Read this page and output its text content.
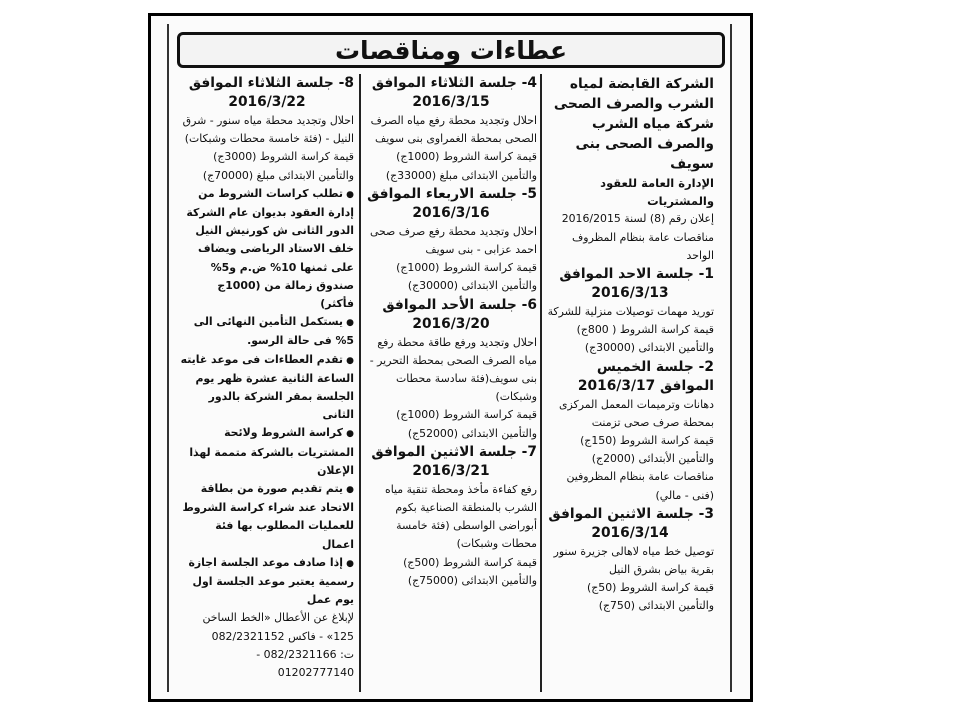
عطاءات ومناقصات

الشركة القابضة لمياه الشرب والصرف الصحى

شركة مياه الشرب والصرف الصحى بنى سويف

الإدارة العامة للعقود والمشتريات

إعلان رقم (8) لسنة 2016/2015 مناقصات عامة بنظام المظروف الواحد

1- جلسة الاحد الموافق

2016/3/13

توريد مهمات توصيلات منزلية للشركة

قيمة كراسة الشروط ( 800ج)

والتأمين الابتدائى (30000ج)

2- جلسة الخميس الموافق 2016/3/17

دهانات وترميمات المعمل المركزى بمحطة صرف صحى تزمنت

قيمة كراسة الشروط (150ج)

والتأمين الأبتدائى (2000ج)

مناقصات عامة بنظام المظروفين (فنى - مالي)

3- جلسة الاثنين الموافق

2016/3/14

توصيل خط مياه لاهالى جزيرة سنور بقرية بياض بشرق النيل

قيمة كراسة الشروط (50ج)

والتأمين الابتدائى (750ج)

4- جلسة الثلاثاء الموافق

2016/3/15

احلال وتجديد محطة رفع مياه الصرف الصحى بمحطة الغمراوى بنى سويف

قيمة كراسة الشروط (1000ج)

والتأمين الابتدائى مبلغ (33000ج)

5- جلسة الاربعاء الموافق

2016/3/16

احلال وتجديد محطة رفع صرف صحى احمد عزابى - بنى سويف

قيمة كراسة الشروط (1000ج)

والتأمين الابتدائى (30000ج)

6- جلسة الأحد الموافق

2016/3/20

احلال وتجديد ورفع طاقة محطة رفع مياه الصرف الصحى بمحطة التحرير - بنى سويف(فئة سادسة محطات وشبكات)

قيمة كراسة الشروط (1000ج)

والتأمين الابتدائى (52000ج)

7- جلسة الاثنين الموافق

2016/3/21

رفع كفاءة مأخذ ومحطة تنقية مياه الشرب بالمنطقة الصناعية بكوم أبوراضى الواسطى (فئة خامسة محطات وشبكات)

قيمة كراسة الشروط (500ج)

والتأمين الابتدائى (75000ج)

8- جلسة الثلاثاء الموافق

2016/3/22

احلال وتجديد محطة مياه سنور - شرق النيل - (فئة خامسة محطات وشبكات)

قيمة كراسة الشروط (3000ج)

والتأمين الابتدائى مبلغ (70000ج)

● تطلب كراسات الشروط من إدارة العقود بديوان عام الشركة الدور الثانى ش كورنيش النيل خلف الاستاد الرياضى ويضاف على ثمنها 10% ض.م و5% صندوق زمالة من (1000ج فأكثر)

● يستكمل التأمين النهائى الى 5% فى حالة الرسو.

● تقدم العطاءات فى موعد غايته الساعة الثانية عشرة ظهر يوم الجلسة بمقر الشركة بالدور الثانى

● كراسة الشروط ولائحة المشتريات بالشركة متممة لهذا الإعلان

● يتم تقديم صورة من بطاقة الاتحاد عند شراء كراسة الشروط للعمليات المطلوب بها فئة اعمال

● إذا صادف موعد الجلسة اجازة رسمية يعتبر موعد الجلسة اول يوم عمل

لإبلاغ عن الأعطال «الخط الساخن 125» - فاكس 082/2321152

ت: 082/2321166 - 01202777140
